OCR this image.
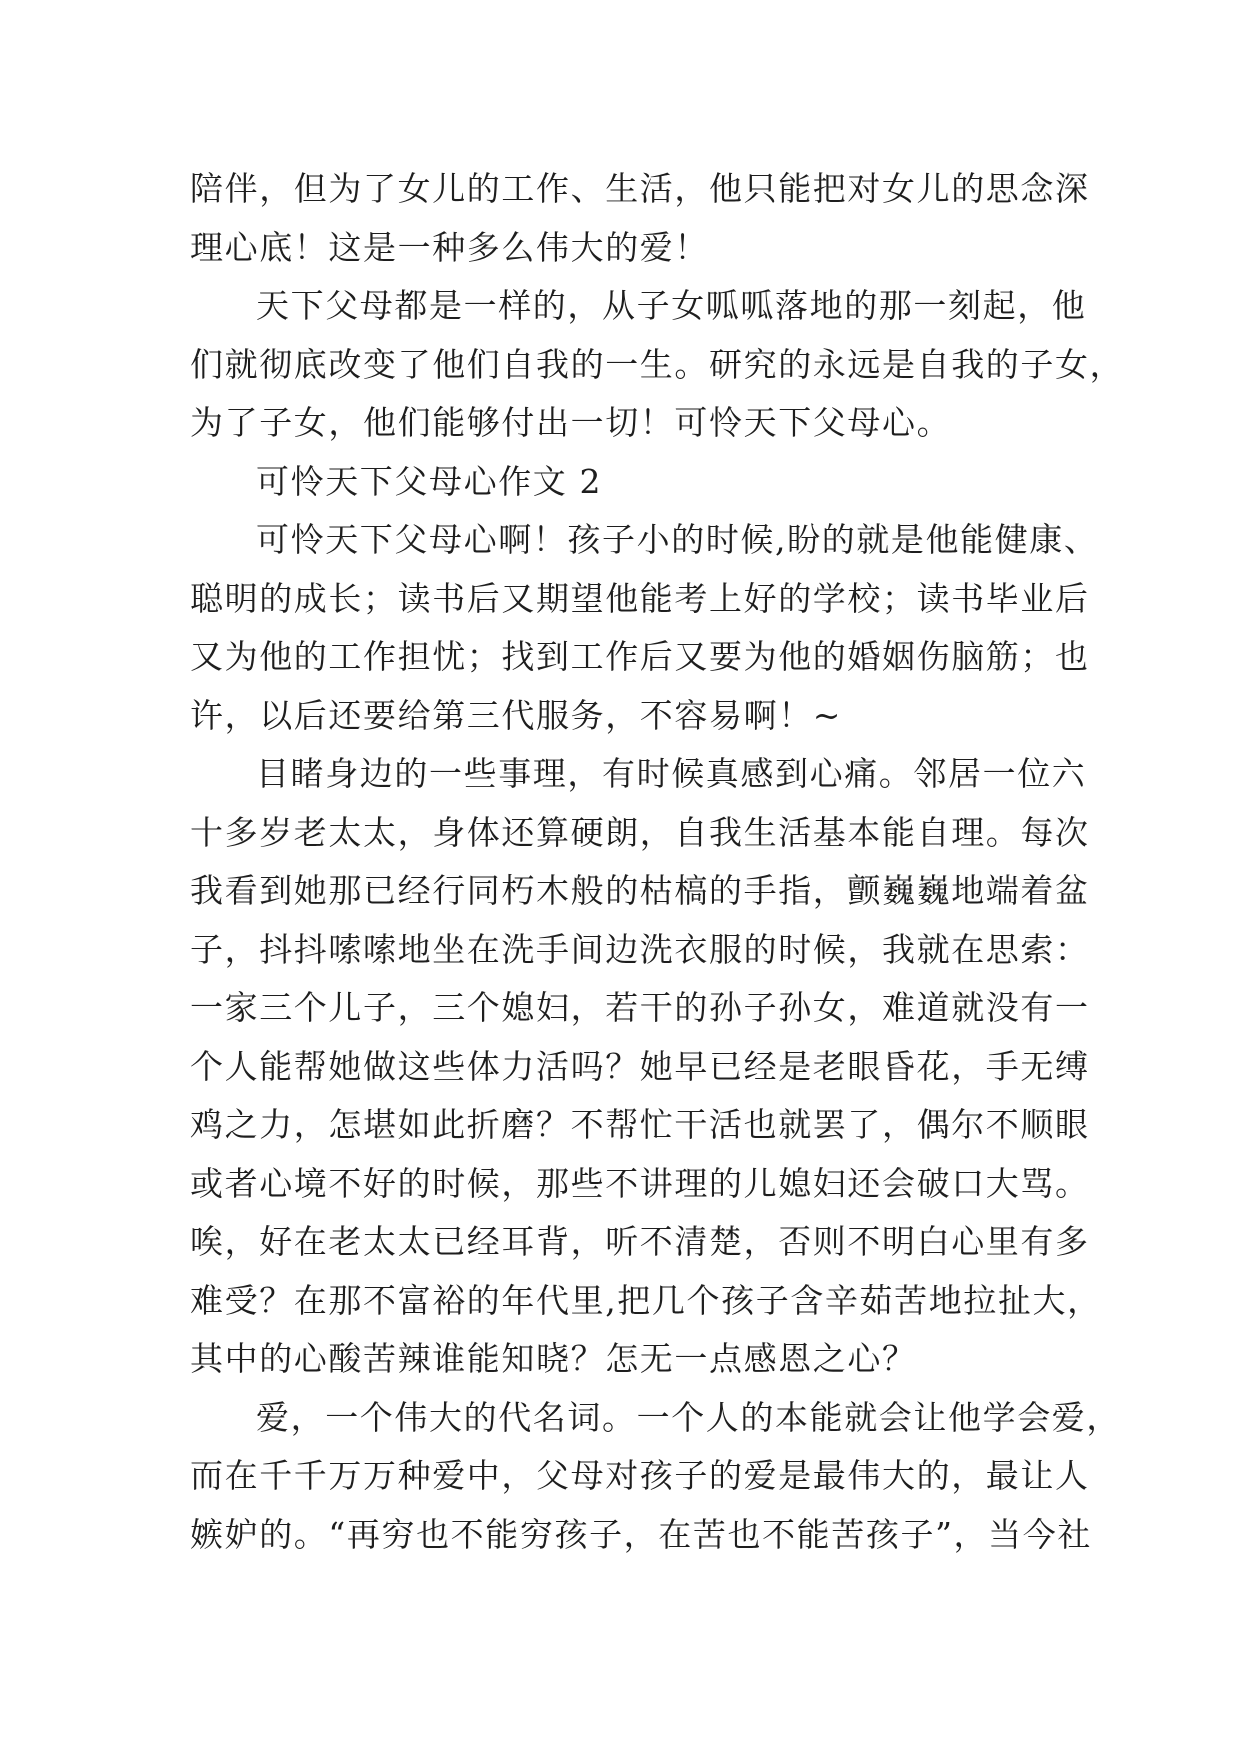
陪伴，但为了女儿的工作、生活，他只能把对女儿的思念深
理心底！这是一种多么伟大的爱！
天下父母都是一样的，从子女呱呱落地的那一刻起，他
们就彻底改变了他们自我的一生。研究的永远是自我的子女，
为了子女，他们能够付出一切！可怜天下父母心。
可怜天下父母心作文 2
可怜天下父母心啊！孩子小的时候,盼的就是他能健康、
聪明的成长；读书后又期望他能考上好的学校；读书毕业后
又为他的工作担忧；找到工作后又要为他的婚姻伤脑筋；也
许，以后还要给第三代服务，不容易啊！~
目睹身边的一些事理，有时候真感到心痛。邻居一位六
十多岁老太太，身体还算硬朗，自我生活基本能自理。每次
我看到她那已经行同朽木般的枯槁的手指，颤巍巍地端着盆
子，抖抖嗦嗦地坐在洗手间边洗衣服的时候，我就在思索：
一家三个儿子，三个媳妇，若干的孙子孙女，难道就没有一
个人能帮她做这些体力活吗？她早已经是老眼昏花，手无缚
鸡之力，怎堪如此折磨？不帮忙干活也就罢了，偶尔不顺眼
或者心境不好的时候，那些不讲理的儿媳妇还会破口大骂。
唉，好在老太太已经耳背，听不清楚，否则不明白心里有多
难受？在那不富裕的年代里,把几个孩子含辛茹苦地拉扯大，
其中的心酸苦辣谁能知晓？怎无一点感恩之心？
爱，一个伟大的代名词。一个人的本能就会让他学会爱，
而在千千万万种爱中，父母对孩子的爱是最伟大的，最让人
嫉妒的。“再穷也不能穷孩子，在苦也不能苦孩子”，当今社
